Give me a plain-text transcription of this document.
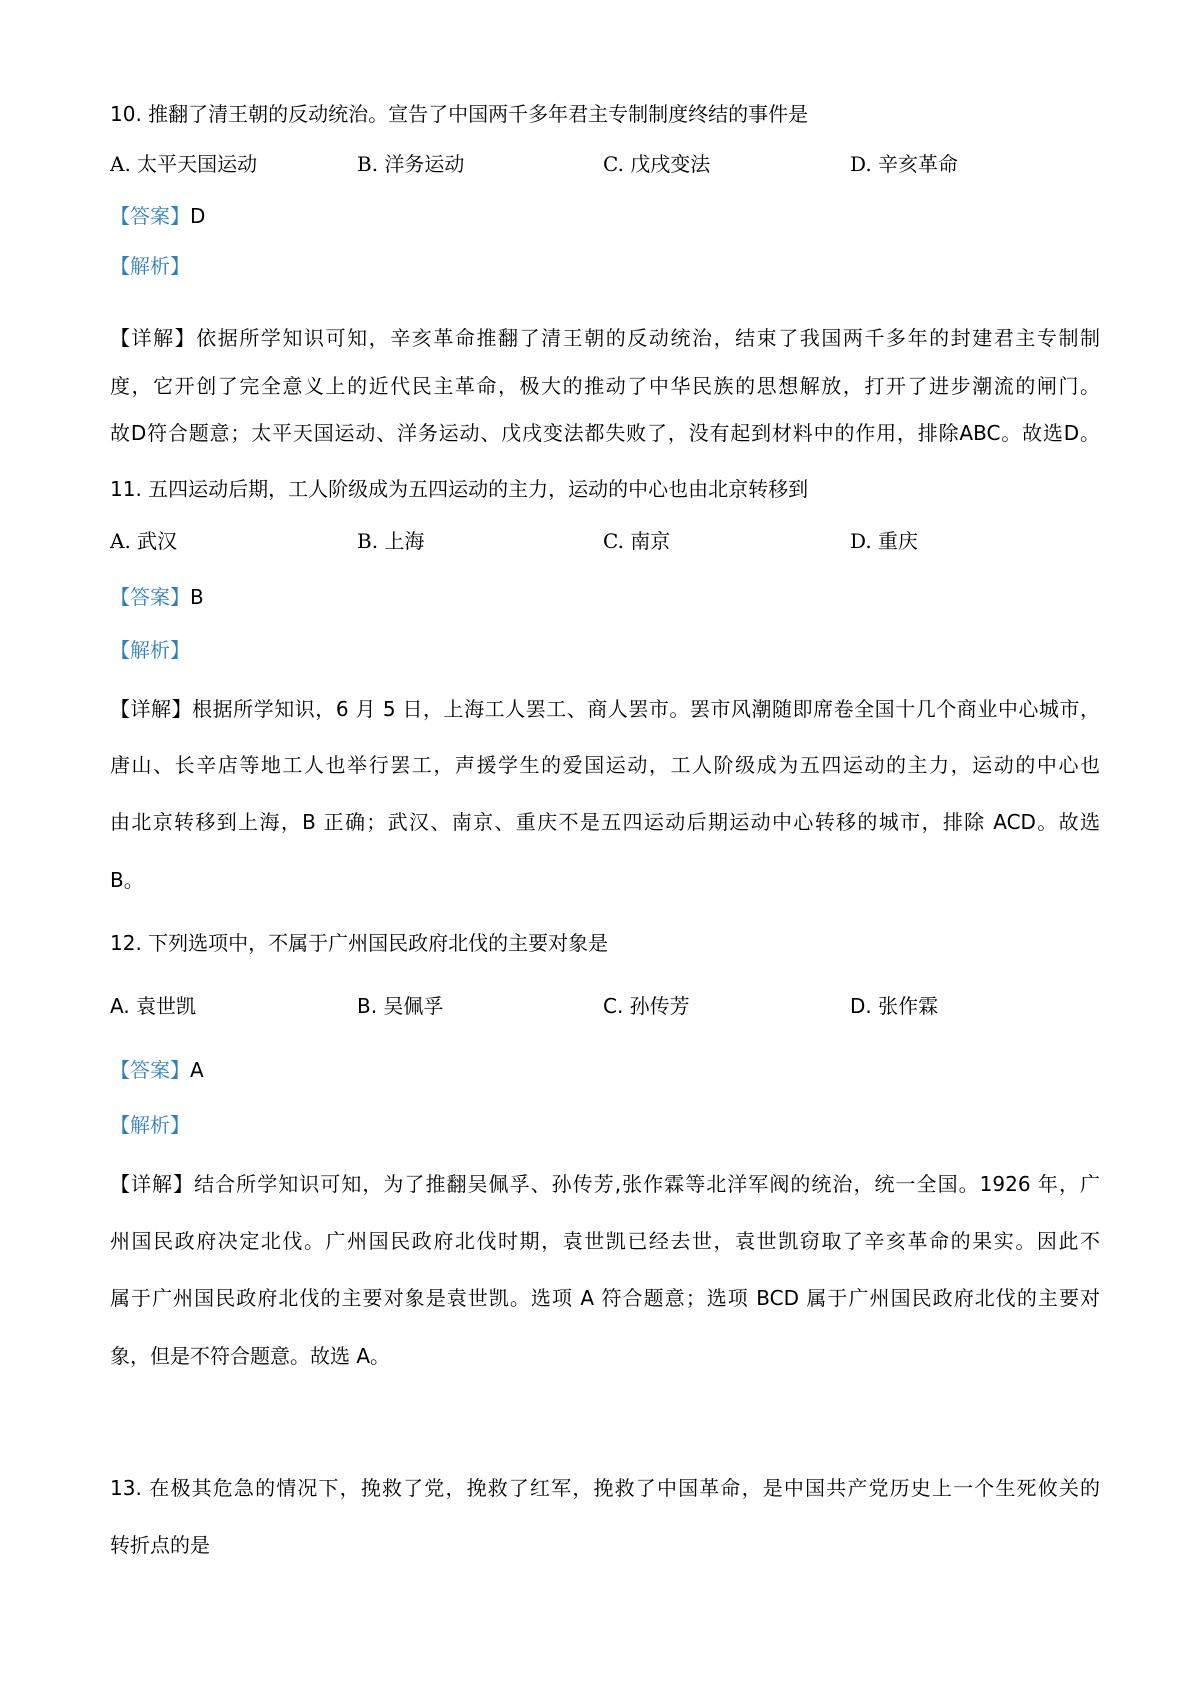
10. 推翻了清王朝的反动统治。宣告了中国两千多年君主专制制度终结的事件是
A. 太平天国运动	B. 洋务运动	C. 戊戌变法	D. 辛亥革命
【答案】D
【解析】
【详解】依据所学知识可知，辛亥革命推翻了清王朝的反动统治，结束了我国两千多年的封建君主专制制
度，它开创了完全意义上的近代民主革命，极大的推动了中华民族的思想解放，打开了进步潮流的闸门。
故D符合题意；太平天国运动、洋务运动、戊戌变法都失败了，没有起到材料中的作用，排除ABC。故选D。
11. 五四运动后期，工人阶级成为五四运动的主力，运动的中心也由北京转移到
A. 武汉	B. 上海	C. 南京	D. 重庆
【答案】B
【解析】
【详解】根据所学知识，6 月 5 日，上海工人罢工、商人罢市。罢市风潮随即席卷全国十几个商业中心城市，
唐山、长辛店等地工人也举行罢工，声援学生的爱国运动，工人阶级成为五四运动的主力，运动的中心也
由北京转移到上海，B 正确；武汉、南京、重庆不是五四运动后期运动中心转移的城市，排除 ACD。故选
B。
12. 下列选项中，不属于广州国民政府北伐的主要对象是
A. 袁世凯	B. 吴佩孚	C. 孙传芳	D. 张作霖
【答案】A
【解析】
【详解】结合所学知识可知，为了推翻吴佩孚、孙传芳,张作霖等北洋军阀的统治，统一全国。1926 年，广
州国民政府决定北伐。广州国民政府北伐时期，袁世凯已经去世，袁世凯窃取了辛亥革命的果实。因此不
属于广州国民政府北伐的主要对象是袁世凯。选项 A 符合题意；选项 BCD 属于广州国民政府北伐的主要对
象，但是不符合题意。故选 A。
13. 在极其危急的情况下，挽救了党，挽救了红军，挽救了中国革命，是中国共产党历史上一个生死攸关的
转折点的是
